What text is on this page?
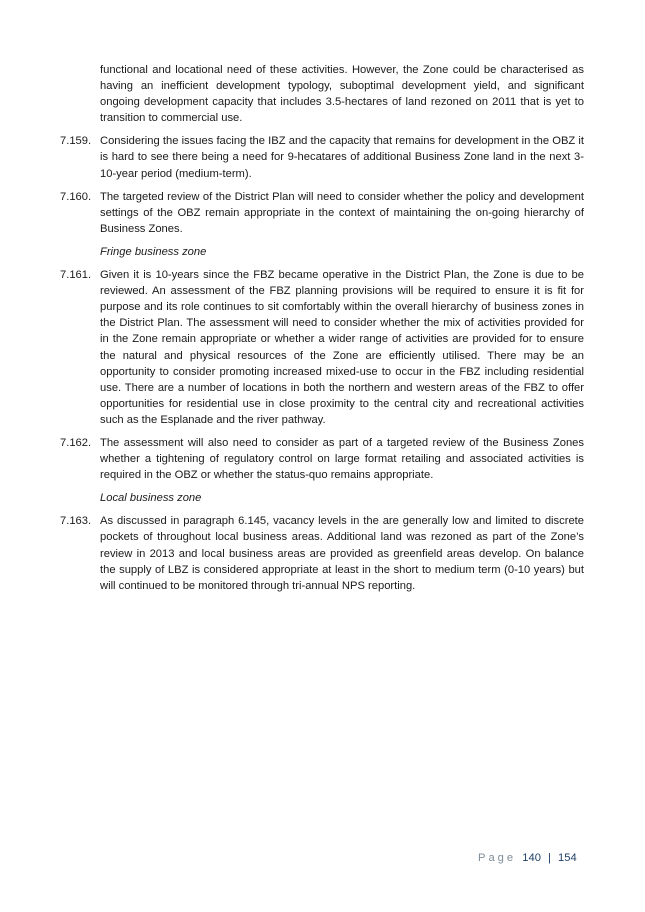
functional and locational need of these activities. However, the Zone could be characterised as having an inefficient development typology, suboptimal development yield, and significant ongoing development capacity that includes 3.5-hectares of land rezoned on 2011 that is yet to transition to commercial use.

7.159. Considering the issues facing the IBZ and the capacity that remains for development in the OBZ it is hard to see there being a need for 9-hecatares of additional Business Zone land in the next 3-10-year period (medium-term).
7.160. The targeted review of the District Plan will need to consider whether the policy and development settings of the OBZ remain appropriate in the context of maintaining the on-going hierarchy of Business Zones.

Fringe business zone

7.161. Given it is 10-years since the FBZ became operative in the District Plan, the Zone is due to be reviewed. An assessment of the FBZ planning provisions will be required to ensure it is fit for purpose and its role continues to sit comfortably within the overall hierarchy of business zones in the District Plan. The assessment will need to consider whether the mix of activities provided for in the Zone remain appropriate or whether a wider range of activities are provided for to ensure the natural and physical resources of the Zone are efficiently utilised. There may be an opportunity to consider promoting increased mixed-use to occur in the FBZ including residential use. There are a number of locations in both the northern and western areas of the FBZ to offer opportunities for residential use in close proximity to the central city and recreational activities such as the Esplanade and the river pathway.
7.162. The assessment will also need to consider as part of a targeted review of the Business Zones whether a tightening of regulatory control on large format retailing and associated activities is required in the OBZ or whether the status-quo remains appropriate.

Local business zone

7.163. As discussed in paragraph 6.145, vacancy levels in the are generally low and limited to discrete pockets of throughout local business areas. Additional land was rezoned as part of the Zone’s review in 2013 and local business areas are provided as greenfield areas develop. On balance the supply of LBZ is considered appropriate at least in the short to medium term (0-10 years) but will continued to be monitored through tri-annual NPS reporting.
Page 140 | 154
